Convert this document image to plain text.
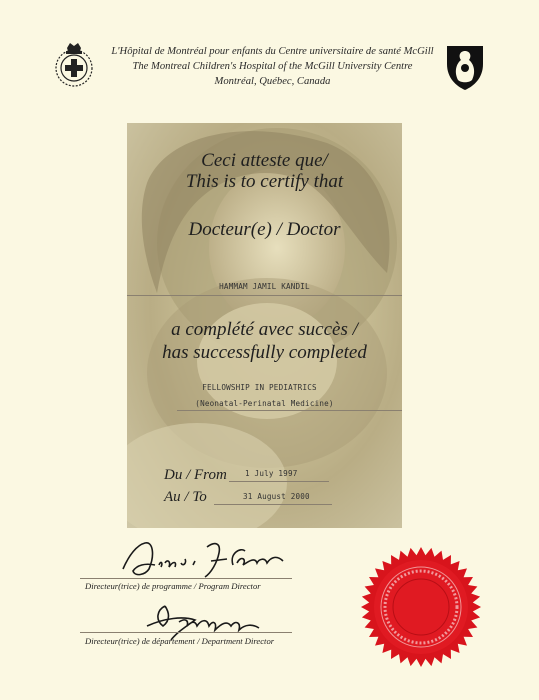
L'Hôpital de Montréal pour enfants du Centre universitaire de santé McGill
The Montreal Children's Hospital of the McGill University Centre
Montréal, Québec, Canada
Ceci atteste que/
This is to certify that
Docteur(e) / Doctor
HAMMAM JAMIL KANDIL
a complété avec succès /
has successfully completed
FELLOWSHIP IN PEDIATRICS
(Neonatal-Perinatal Medicine)
Du / From 1 July 1997
Au / To	31 August 2000
Directeur(trice) de programme / Program Director
Directeur(trice) de département / Department Director
